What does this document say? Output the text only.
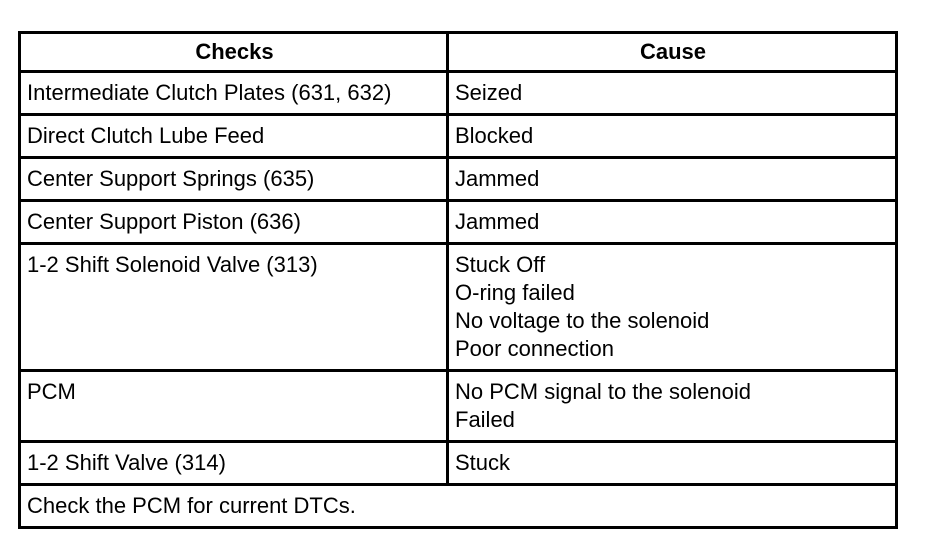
Checks	Cause
Intermediate Clutch Plates (631, 632)	Seized
Direct Clutch Lube Feed	Blocked
Center Support Springs (635)	Jammed
Center Support Piston (636)	Jammed
1-2 Shift Solenoid Valve (313)	Stuck Off
O-ring failed
No voltage to the solenoid
Poor connection

PCM	No PCM signal to the solenoid
Failed

1-2 Shift Valve (314)	Stuck
Check the PCM for current DTCs.	
